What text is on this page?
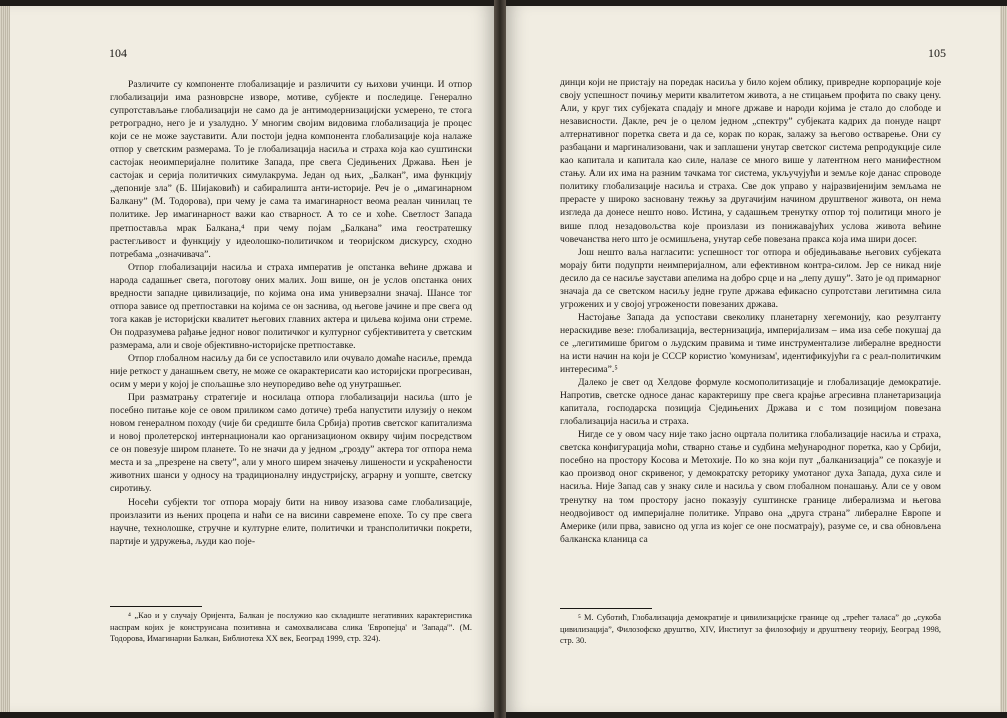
104

Различите су компоненте глобализације и различити су њихови учинци. И отпор глобализацији има разноврсне изворе, мотиве, субјекте и последице. Генерално супротстављање глобализацији не само да је антимодернизацијски усмерено, те стога ретроградно, него је и узалудно. У многим својим видовима глобализација је процес који се не може зауставити. Али постоји једна компонента глобализације која налаже отпор у светским размерама. То је глобализација насиља и страха која као суштински састојак неоимперијалне политике Запада, пре свега Сједињених Држава. Њен је састојак и серија политичких симулакрума. Један од њих, „Балкан”, има функцију „депоније зла” (Б. Шијаковић) и сабиралишта анти-историје. Реч је о „имагинарном Балкану” (М. Тодорова), при чему је сама та имагинарност веома реалан чинилац те политике. Јер имагинарност важи као стварност. А то се и хоће. Светлост Запада претпоставља мрак Балкана,⁴ при чему појам „Балкана” има геостратешку растегљивост и функцију у идеолошко-политичком и теоријском дискурсу, сходно потребама „означивача”.

Отпор глобализацији насиља и страха императив је опстанка већине држава и народа садашњег света, поготову оних малих. Још више, он је услов опстанка оних вредности западне цивилизације, по којима она има универзални значај. Шансе тог отпора зависе од претпоставки на којима се он заснива, од његове јачине и пре свега од тога какав је историјски квалитет његових главних актера и циљева којима они стреме. Он подразумева рађање једног новог политичког и културног субјективитета у светским размерама, али и своје објективно-историјске претпоставке.

Отпор глобалном насиљу да би се успоставило или очувало домаће насиље, премда није реткост у данашњем свету, не може се окарактерисати као историјски прогресиван, осим у мери у којој је спољашње зло неупоредиво веће од унутрашњег.

При разматрању стратегије и носилаца отпора глобализацији насиља (што је посебно питање које се овом приликом само дотиче) треба напустити илузију о неком новом генералном походу (чије би средиште била Србија) против светског капитализма и новој пролетерској интернационали као организационом оквиру чијим посредством се он повезује широм планете. То не значи да у једном „грозду” актера тог отпора нема места и за „презрене на свету”, али у много ширем значењу лишености и ускраћености животних шанси у односу на традиционалну индустријску, аграрну и уопште, светску сиротињу.

Носећи субјекти тог отпора морају бити на нивоу изазова саме глобализације, произлазити из њених процепа и наћи се на висини савремене епохе. То су пре свега научне, технолошке, стручне и културне елите, политички и трансполитички покрети, партије и удружења, људи као поје-

⁴ „Као и у случају Оријента, Балкан је послужио као складиште негативних карактеристика наспрам којих је конструисана позитивна и самохвалисава слика 'Европејца' и 'Запада'”. (М. Тодорова, Имагинарни Балкан, Библиотека XX век, Београд 1999, стр. 324).

105

динци који не пристају на поредак насиља у било којем облику, привредне корпорације које своју успешност почињу мерити квалитетом живота, а не стицањем профита по сваку цену. Али, у круг тих субјеката спадају и многе државе и народи којима је стало до слободе и независности. Дакле, реч је о целом једном „спектру” субјеката кадрих да понуде нацрт алтернативног поретка света и да се, корак по корак, залажу за његово остварење. Они су разбацани и маргинализовани, чак и заплашени унутар светског система репродукције силе као капитала и капитала као силе, налазе се много више у латентном него манифестном стању. Али их има на разним тачкама тог система, укључујући и земље које данас спроводе политику глобализације насиља и страха. Све док управо у најразвијенијим земљама не прерасте у широко засновану тежњу за другачијим начином друштвеног живота, он нема изгледа да донесе нешто ново. Истина, у садашњем тренутку отпор тој политици много је више плод незадовољства које произлази из понижавајућих услова живота већине човечанства него што је осмишљена, унутар себе повезана пракса која има шири досег.

Још нешто ваља нагласити: успешност тог отпора и обједињавање његових субјеката морају бити подупрти неимперијалном, али ефективном контра-силом. Јер се никад није десило да се насиље заустави апелима на добро срце и на „лепу душу”. Зато је од примарног значаја да се светском насиљу једне групе држава ефикасно супротстави легитимна сила угрожених и у својој угрожености повезаних држава.

Настојање Запада да успостави свеколику планетарну хегемонију, као резултанту нераскидиве везе: глобализација, вестернизација, империјализам – има иза себе покушај да се „легитимише бригом о људским правима и тиме инструментализе либералне вредности на исти начин на који је СССР користио 'комунизам', идентификујући га с реал-политичким интересима”.⁵

Далеко је свет од Хелдове формуле космополитизације и глобализације демократије. Напротив, светске односе данас карактеришу пре свега крајње агресивна планетаризација капитала, господарска позиција Сједињених Држава и с том позицијом повезана глобализација насиља и страха.

Нигде се у овом часу није тако јасно оцртала политика глобализације насиља и страха, светска конфигурација моћи, стварно стање и судбина међународног поретка, као у Србији, посебно на простору Косова и Метохије. По ко зна који пут „балканизација” се показује и као производ оног скривеног, у демократску реторику умотаног духа Запада, духа силе и насиља. Није Запад сав у знаку силе и насиља у свом глобалном понашању. Али се у овом тренутку на том простору јасно показују суштинске границе либерализма и његова неодвојивост од империјалне политике. Управо она „друга страна” либералне Европе и Америке (или прва, зависно од угла из којег се оне посматрају), разуме се, и сва обновљена балканска кланица са

⁵ М. Суботић, Глобализација демократије и цивилизацијске границе од „трећег таласа” до „сукоба цивилизација”, Филозофско друштво, XIV, Институт за филозофију и друштвену теорију, Београд 1998, стр. 30.
